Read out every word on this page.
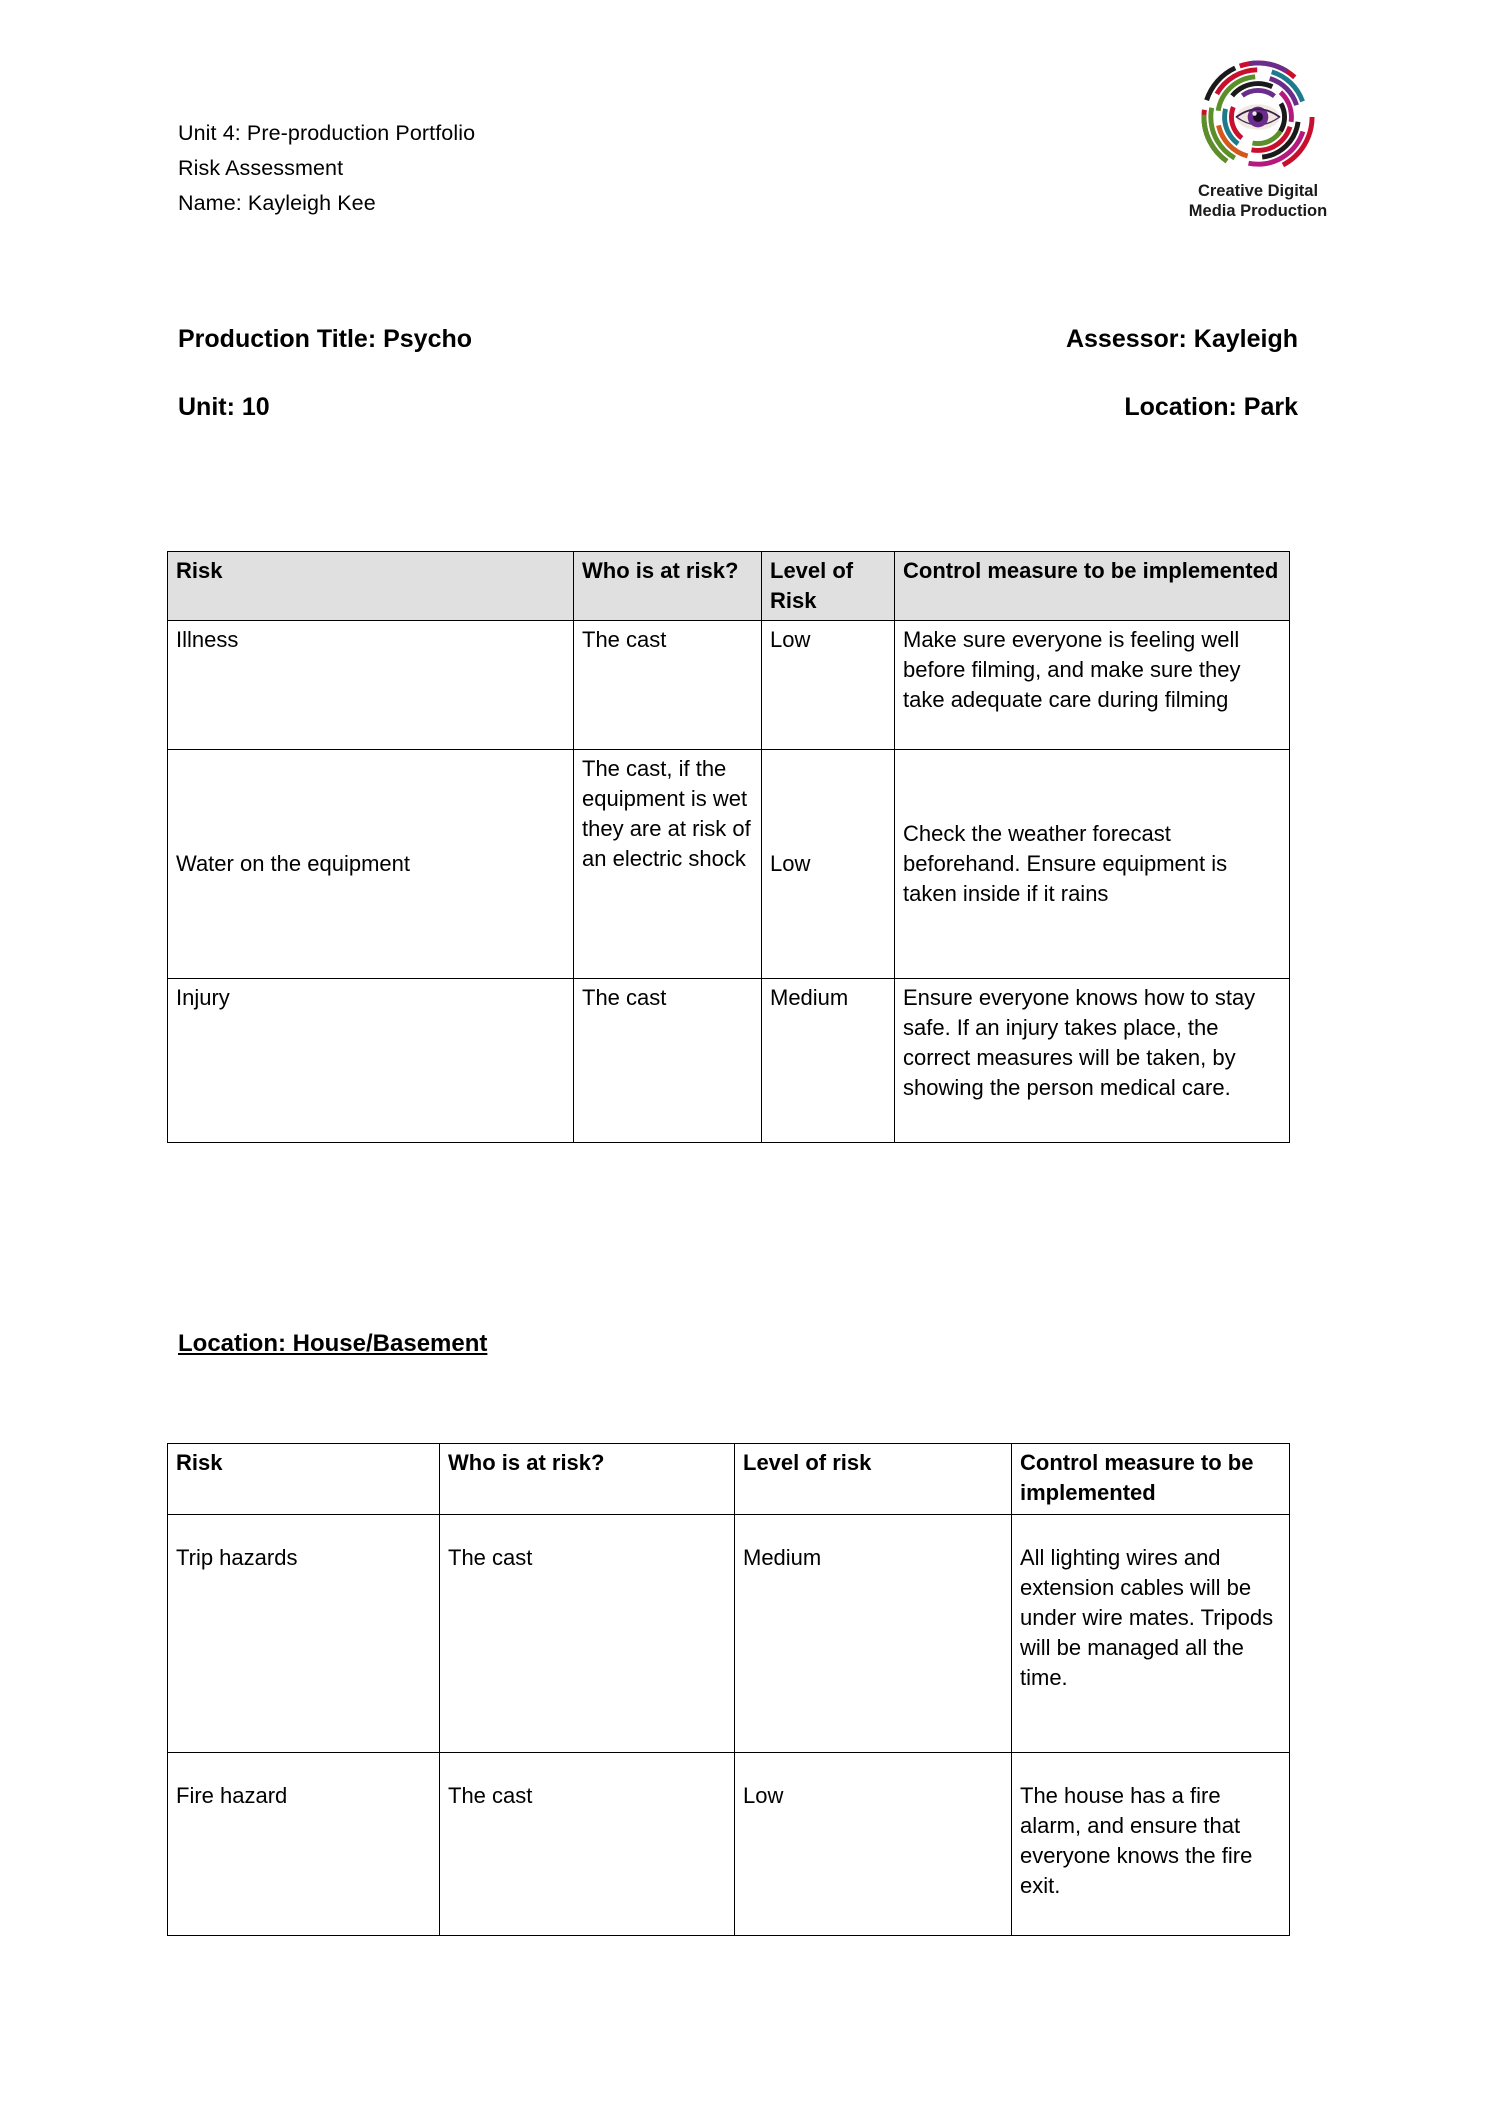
Unit 4: Pre-production Portfolio
Risk Assessment
Name: Kayleigh Kee	Creative Digital
Media Production
Production Title: Psycho	Assessor: Kayleigh
Unit: 10	Location: Park
Risk	Who is at risk?	Level of Risk	Control measure to be implemented
Illness	The cast	Low	Make sure everyone is feeling well before filming, and make sure they take adequate care during filming
Water on the equipment	The cast, if the equipment is wet they are at risk of an electric shock	Low	Check the weather forecast beforehand. Ensure equipment is taken inside if it rains
Injury	The cast	Medium	Ensure everyone knows how to stay safe. If an injury takes place, the correct measures will be taken, by showing the person medical care.
Location: House/Basement
Risk	Who is at risk?	Level of risk	Control measure to be implemented
Trip hazards	The cast	Medium	All lighting wires and extension cables will be under wire mates. Tripods will be managed all the time.
Fire hazard	The cast	Low	The house has a fire alarm, and ensure that everyone knows the fire exit.
